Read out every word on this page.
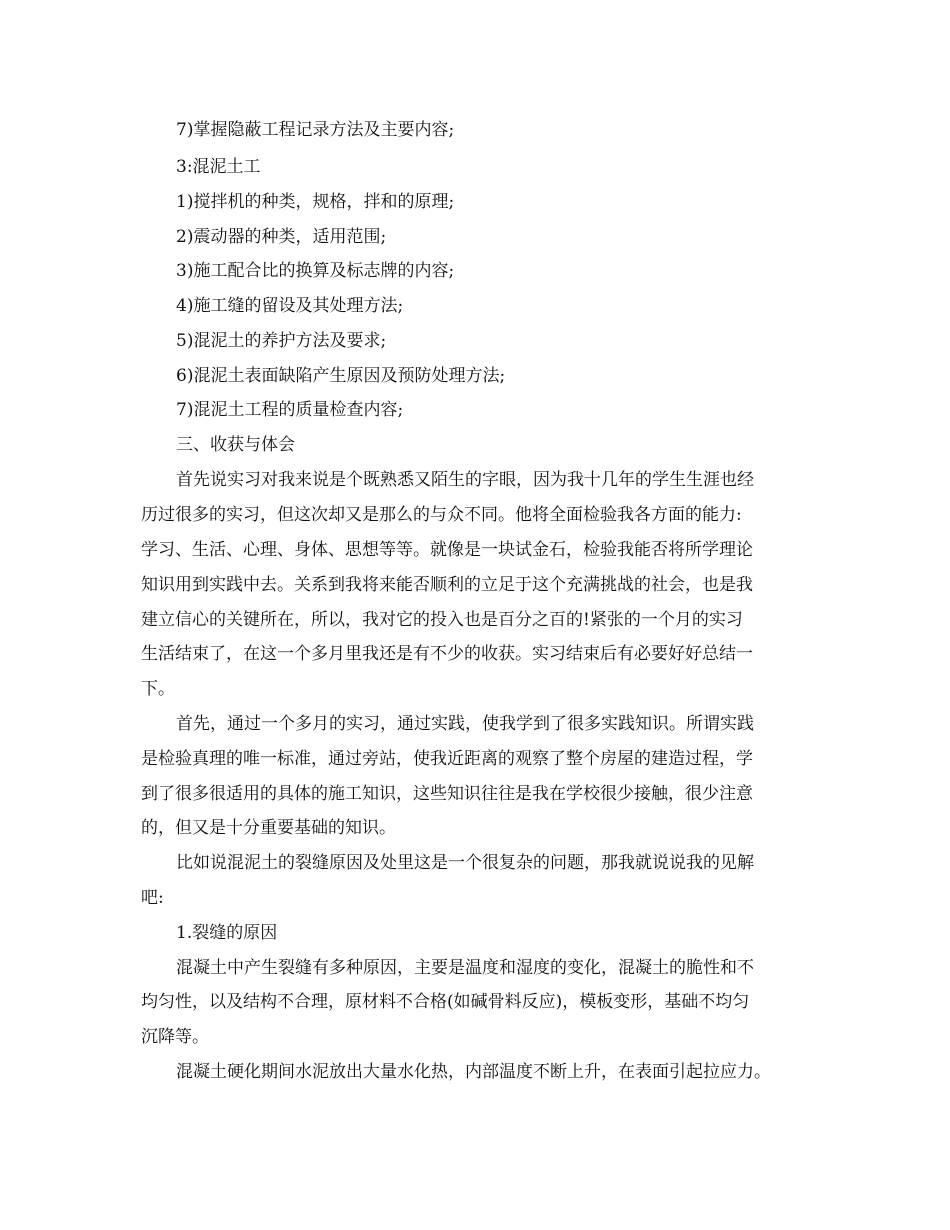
7)掌握隐蔽工程记录方法及主要内容;
3:混泥土工
1)搅拌机的种类，规格，拌和的原理;
2)震动器的种类，适用范围;
3)施工配合比的换算及标志牌的内容;
4)施工缝的留设及其处理方法;
5)混泥土的养护方法及要求;
6)混泥土表面缺陷产生原因及预防处理方法;
7)混泥土工程的质量检查内容;
三、收获与体会
首先说实习对我来说是个既熟悉又陌生的字眼，因为我十几年的学生生涯也经
历过很多的实习，但这次却又是那么的与众不同。他将全面检验我各方面的能力:
学习、生活、心理、身体、思想等等。就像是一块试金石，检验我能否将所学理论
知识用到实践中去。关系到我将来能否顺利的立足于这个充满挑战的社会，也是我
建立信心的关键所在，所以，我对它的投入也是百分之百的!紧张的一个月的实习
生活结束了，在这一个多月里我还是有不少的收获。实习结束后有必要好好总结一
下。
首先，通过一个多月的实习，通过实践，使我学到了很多实践知识。所谓实践
是检验真理的唯一标准，通过旁站，使我近距离的观察了整个房屋的建造过程，学
到了很多很适用的具体的施工知识，这些知识往往是我在学校很少接触，很少注意
的，但又是十分重要基础的知识。
比如说混泥土的裂缝原因及处里这是一个很复杂的问题，那我就说说我的见解
吧:
1.裂缝的原因
混凝土中产生裂缝有多种原因，主要是温度和湿度的变化，混凝土的脆性和不
均匀性，以及结构不合理，原材料不合格(如碱骨料反应)，模板变形，基础不均匀
沉降等。
混凝土硬化期间水泥放出大量水化热，内部温度不断上升，在表面引起拉应力。
